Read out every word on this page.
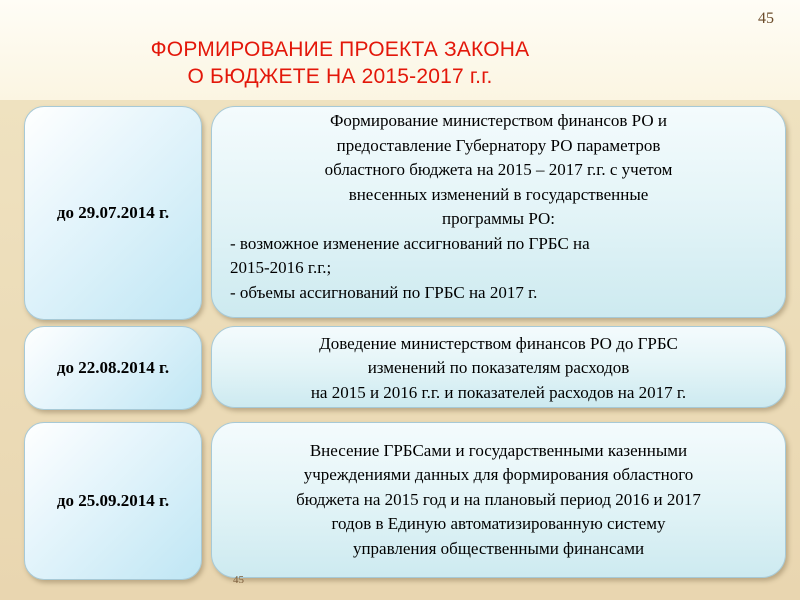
45
ФОРМИРОВАНИЕ ПРОЕКТА ЗАКОНА
О БЮДЖЕТЕ НА 2015-2017 г.г.
до 29.07.2014 г.
Формирование министерством финансов РО и
предоставление Губернатору РО параметров
областного бюджета на 2015 – 2017 г.г. с учетом
внесенных изменений в государственные
программы РО:
- возможное изменение ассигнований по ГРБС на
2015-2016 г.г.;
- объемы ассигнований по ГРБС на 2017 г.
до 22.08.2014 г.
Доведение министерством финансов РО до ГРБС
изменений по показателям расходов
на 2015 и 2016 г.г. и показателей расходов на 2017 г.
до 25.09.2014 г.
Внесение ГРБСами и государственными казенными
учреждениями данных для формирования областного
бюджета на 2015 год и на плановый период 2016 и 2017
годов в Единую автоматизированную систему
управления общественными финансами
45
